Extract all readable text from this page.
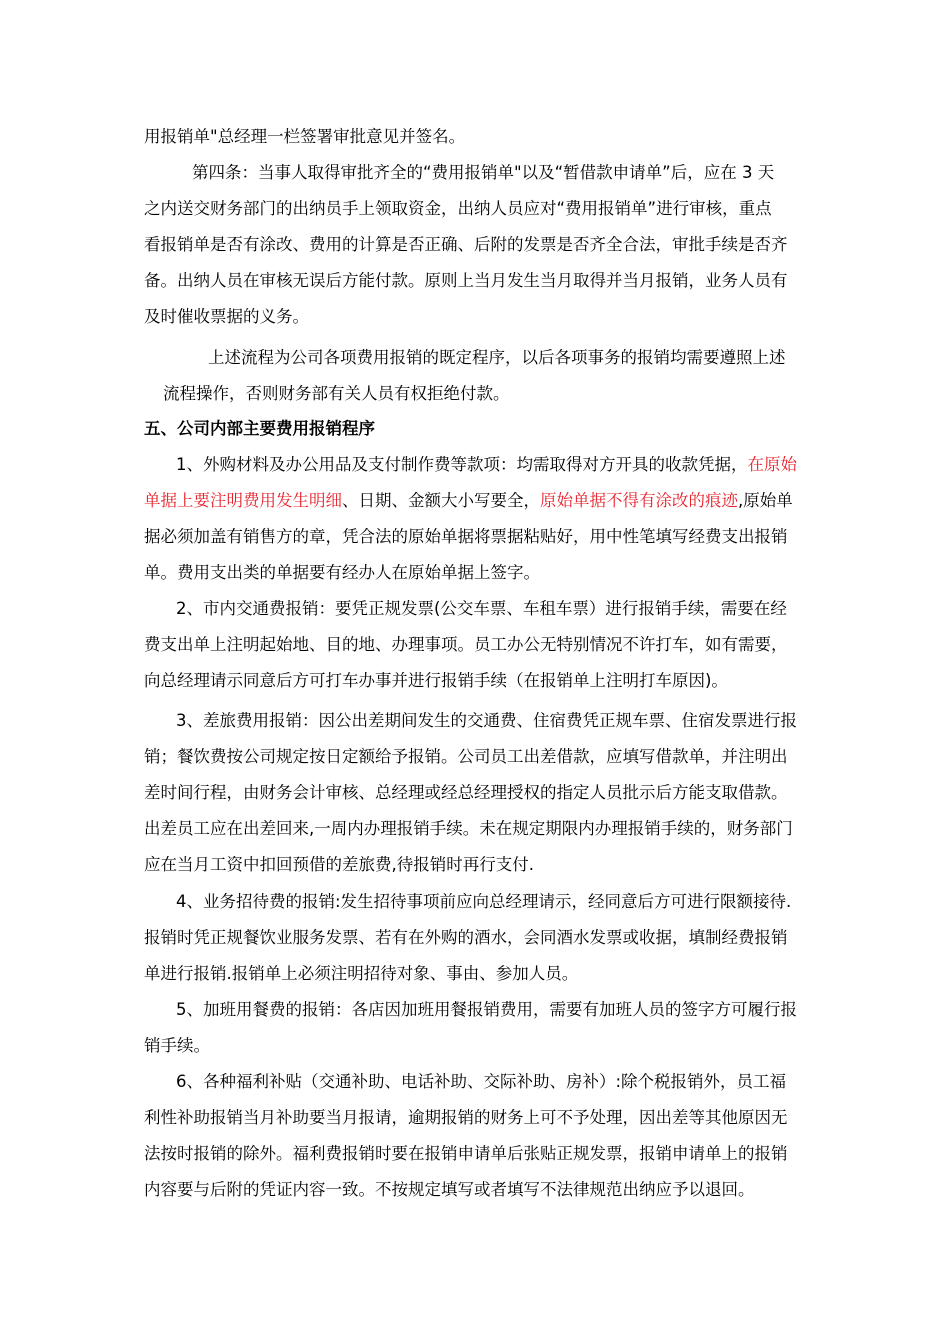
用报销单"总经理一栏签署审批意见并签名。

第四条：当事人取得审批齐全的“费用报销单"以及“暂借款申请单”后，应在 3 天

之内送交财务部门的出纳员手上领取资金，出纳人员应对“费用报销单”进行审核，重点

看报销单是否有涂改、费用的计算是否正确、后附的发票是否齐全合法，审批手续是否齐

备。出纳人员在审核无误后方能付款。原则上当月发生当月取得并当月报销，业务人员有

及时催收票据的义务。

上述流程为公司各项费用报销的既定程序，以后各项事务的报销均需要遵照上述

流程操作，否则财务部有关人员有权拒绝付款。

五、公司内部主要费用报销程序

1、外购材料及办公用品及支付制作费等款项：均需取得对方开具的收款凭据，在原始

单据上要注明费用发生明细、日期、金额大小写要全，原始单据不得有涂改的痕迹,原始单

据必须加盖有销售方的章，凭合法的原始单据将票据粘贴好，用中性笔填写经费支出报销

单。费用支出类的单据要有经办人在原始单据上签字。

2、市内交通费报销：要凭正规发票(公交车票、车租车票）进行报销手续，需要在经

费支出单上注明起始地、目的地、办理事项。员工办公无特别情况不许打车，如有需要，

向总经理请示同意后方可打车办事并进行报销手续（在报销单上注明打车原因)。

3、差旅费用报销：因公出差期间发生的交通费、住宿费凭正规车票、住宿发票进行报

销；餐饮费按公司规定按日定额给予报销。公司员工出差借款，应填写借款单，并注明出

差时间行程，由财务会计审核、总经理或经总经理授权的指定人员批示后方能支取借款。

出差员工应在出差回来,一周内办理报销手续。未在规定期限内办理报销手续的，财务部门

应在当月工资中扣回预借的差旅费,待报销时再行支付.

4、业务招待费的报销:发生招待事项前应向总经理请示，经同意后方可进行限额接待.

报销时凭正规餐饮业服务发票、若有在外购的酒水，会同酒水发票或收据，填制经费报销

单进行报销.报销单上必须注明招待对象、事由、参加人员。

5、加班用餐费的报销：各店因加班用餐报销费用，需要有加班人员的签字方可履行报

销手续。

6、各种福利补贴（交通补助、电话补助、交际补助、房补）:除个税报销外，员工福

利性补助报销当月补助要当月报请，逾期报销的财务上可不予处理，因出差等其他原因无

法按时报销的除外。福利费报销时要在报销申请单后张贴正规发票，报销申请单上的报销

内容要与后附的凭证内容一致。不按规定填写或者填写不法律规范出纳应予以退回。
